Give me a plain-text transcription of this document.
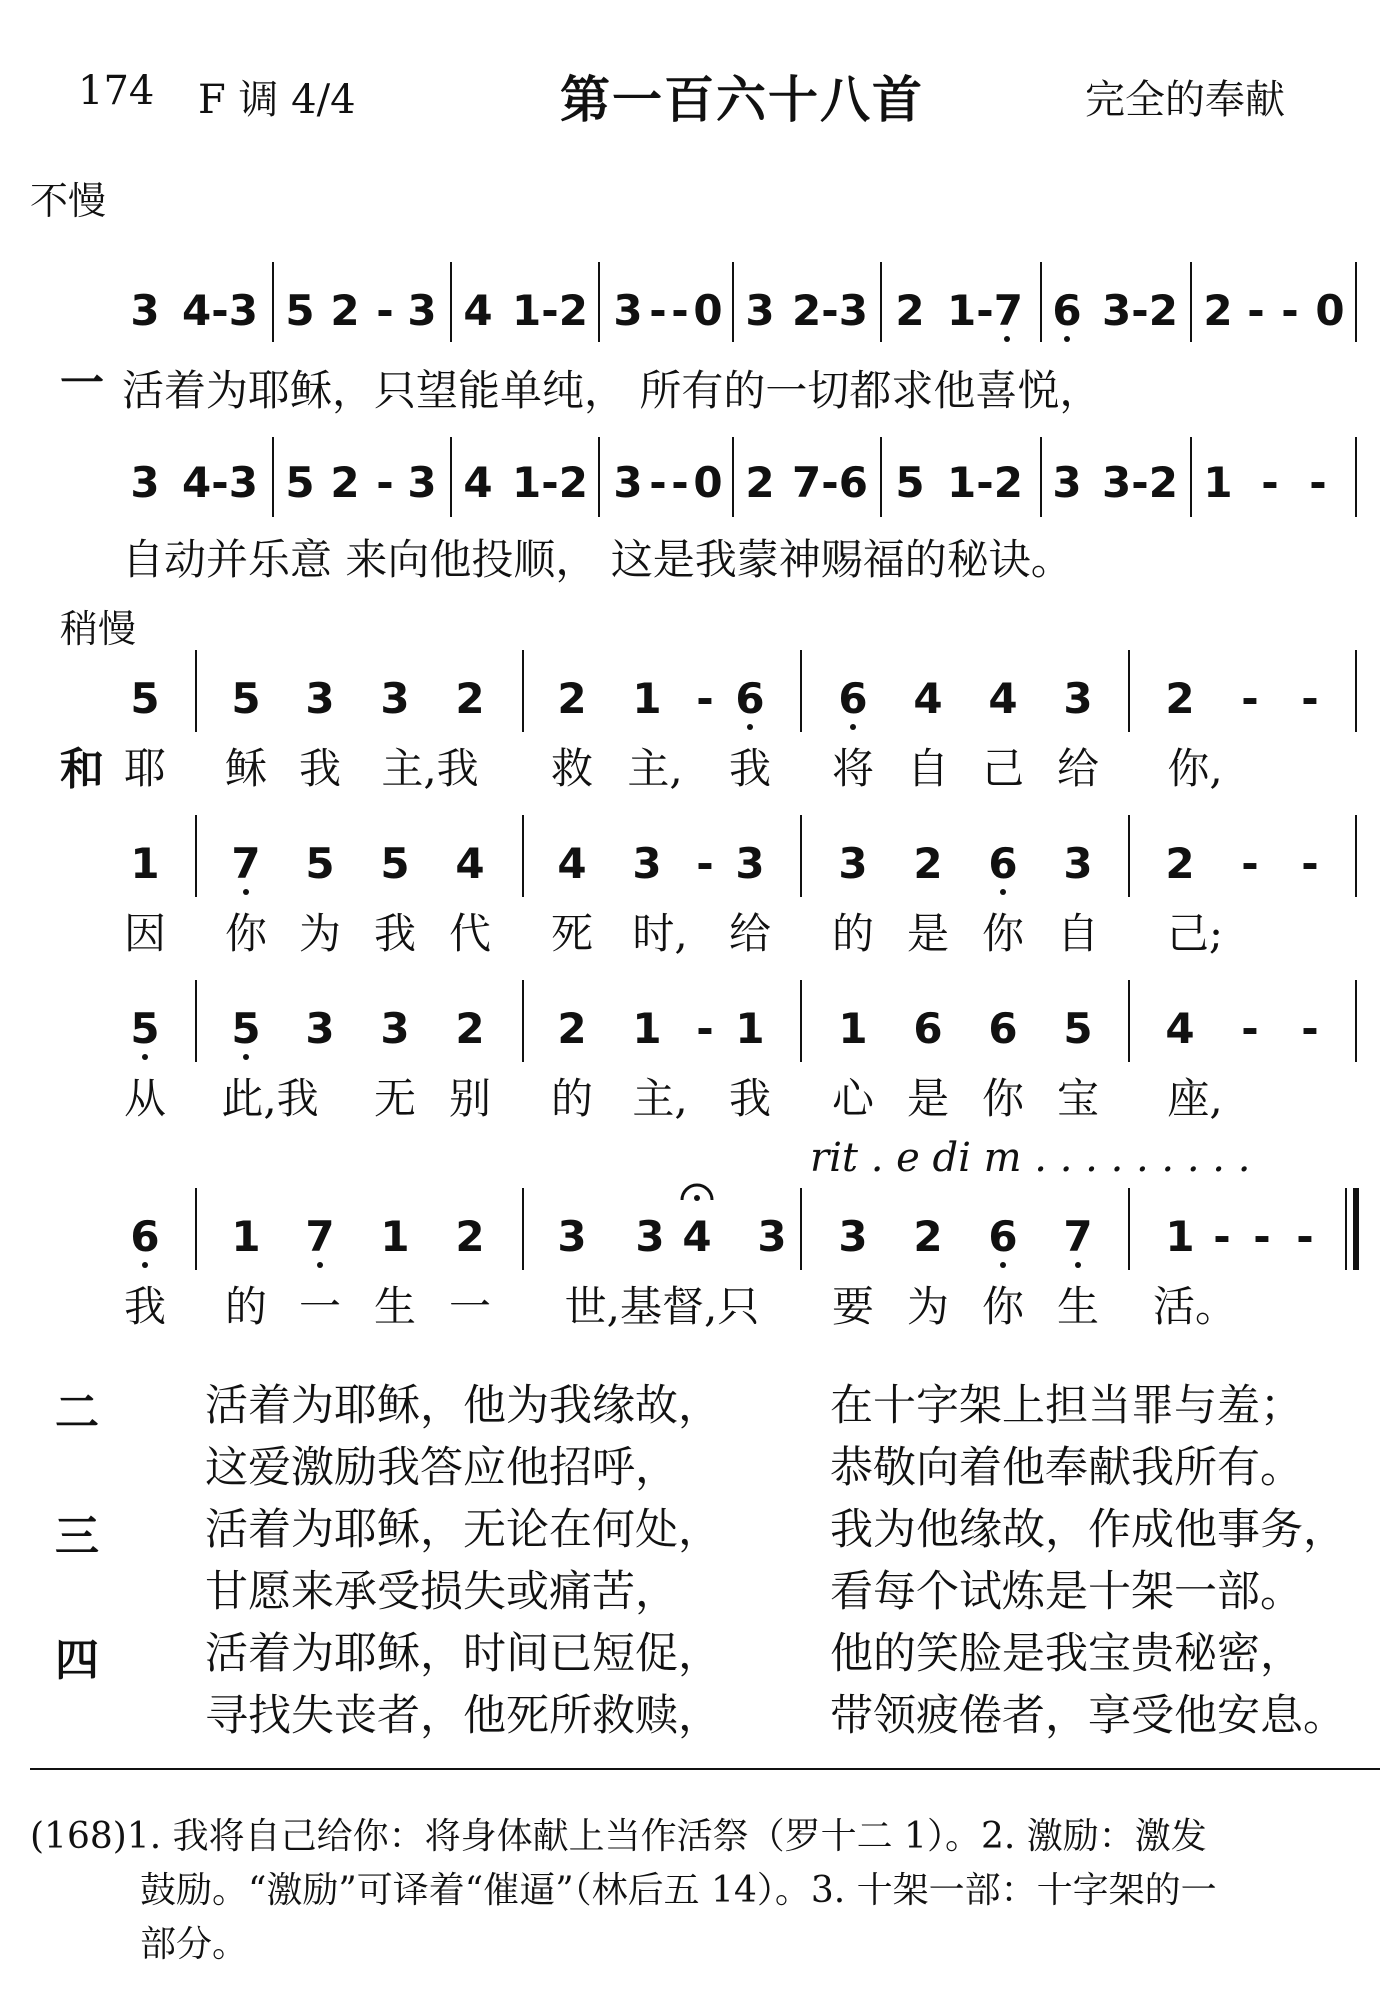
174 F 调 4/4	第一百六十八首	完全的奉献
不慢
3 4-3 5 2 - 3 4 1-2 3 - - 0 3 2-3 2 1-7 6 3-2 2 - - 0
一 活着为耶稣，只望能单纯， 所有的一切都求他喜悦，
3 4-3 5 2 - 3 4 1-2 3 - - 0 2 7-6 5 1-2 3 3-2 1 - -
自动并乐意 来向他投顺， 这是我蒙神赐福的秘诀。
稍慢
5 5 3 3 2 2 1 - 6 6 4 4 3 2 - -
和 耶 稣 我 主,我 救 主, 我 将 自 己 给 你,
1 7 5 5 4 4 3 - 3 3 2 6 3 2 - -
因 你 为 我 代 死 时, 给 的 是 你 自 己;
5 5 3 3 2 2 1 - 1 1 6 6 5 4 - -
从 此,我 无 别 的 主, 我 心 是 你 宝 座,
rit . e di m . . . . . . . . .
6 1 7 1 2 3 3 4 3 3 2 6 7 1 - - -
我 的 一 生 一 世,基督,只 要 为 你 生 活。
二 活着为耶稣，他为我缘故，	在十字架上担当罪与羞；
这爱激励我答应他招呼，	恭敬向着他奉献我所有。
三 活着为耶稣，无论在何处，	我为他缘故，作成他事务，
甘愿来承受损失或痛苦，	看每个试炼是十架一部。
四 活着为耶稣，时间已短促，	他的笑脸是我宝贵秘密，
寻找失丧者，他死所救赎，	带领疲倦者，享受他安息。
(168)1. 我将自己给你：将身体献上当作活祭（罗十二 1）。2. 激励：激发
鼓励。“激励”可译着“催逼”（林后五 14）。3. 十架一部：十字架的一
部分。
